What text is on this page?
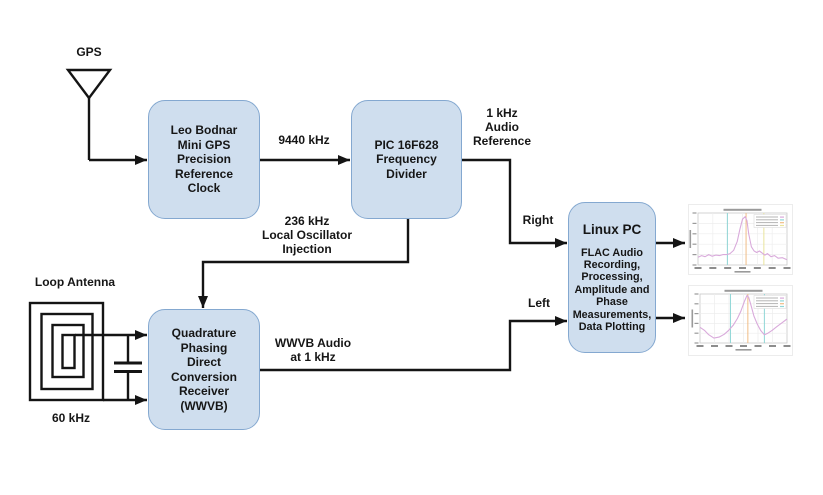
Leo Bodnar
Mini GPS
Precision
Reference
Clock
PIC 16F628
Frequency
Divider
Quadrature
Phasing
Direct
Conversion
Receiver
(WWVB)
Linux PC
FLAC Audio
Recording,
Processing,
Amplitude and
Phase
Measurements,
Data Plotting
GPS
9440 kHz
1 kHz
Audio
Reference
236 kHz
Local Oscillator
Injection
WWVB Audio
at 1 kHz
Right
Left
Loop Antenna
60 kHz
